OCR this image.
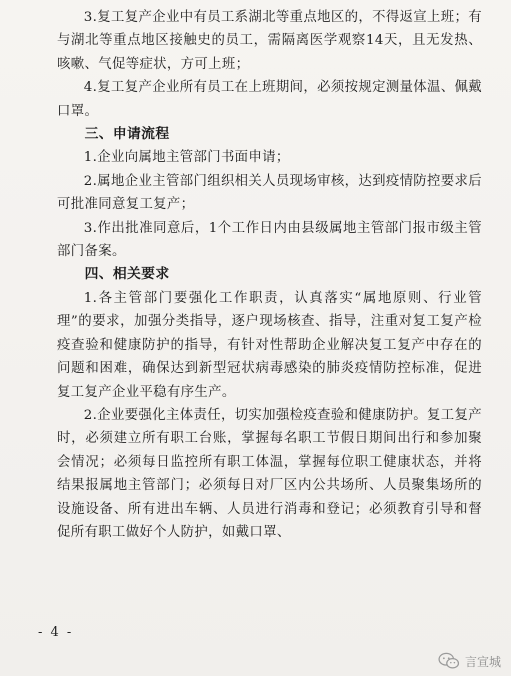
3.复工复产企业中有员工系湖北等重点地区的，不得返宣上班；有与湖北等重点地区接触史的员工，需隔离医学观察14天，且无发热、咳嗽、气促等症状，方可上班；

4.复工复产企业所有员工在上班期间，必须按规定测量体温、佩戴口罩。

三、申请流程

1.企业向属地主管部门书面申请；

2.属地企业主管部门组织相关人员现场审核，达到疫情防控要求后可批准同意复工复产；

3.作出批准同意后，1个工作日内由县级属地主管部门报市级主管部门备案。

四、相关要求

1.各主管部门要强化工作职责，认真落实“属地原则、行业管理”的要求，加强分类指导，逐户现场核查、指导，注重对复工复产检疫查验和健康防护的指导，有针对性帮助企业解决复工复产中存在的问题和困难，确保达到新型冠状病毒感染的肺炎疫情防控标准，促进复工复产企业平稳有序生产。

2.企业要强化主体责任，切实加强检疫查验和健康防护。复工复产时，必须建立所有职工台账，掌握每名职工节假日期间出行和参加聚会情况；必须每日监控所有职工体温，掌握每位职工健康状态，并将结果报属地主管部门；必须每日对厂区内公共场所、人员聚集场所的设施设备、所有进出车辆、人员进行消毒和登记；必须教育引导和督促所有职工做好个人防护，如戴口罩、

- 4 -
言宣城
